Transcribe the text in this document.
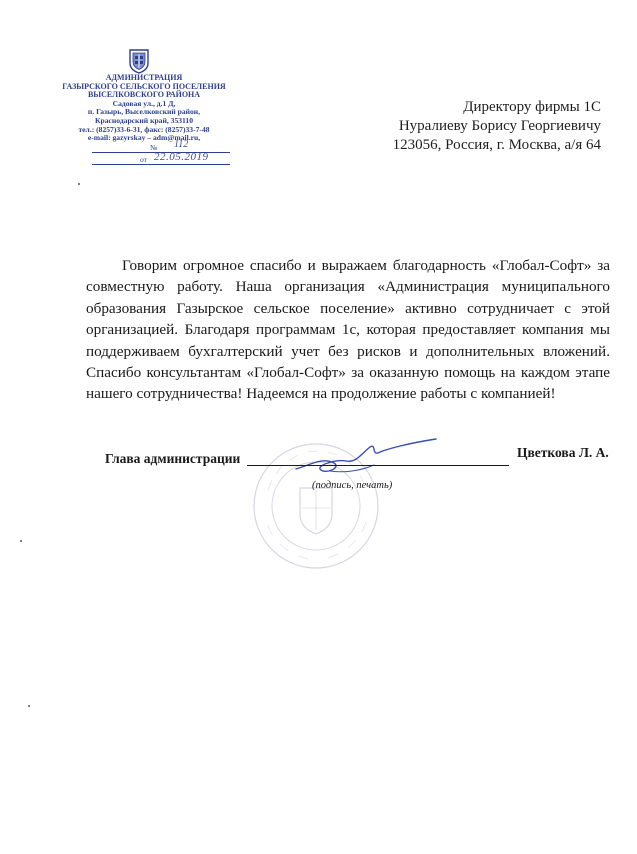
АДМИНИСТРАЦИЯ
ГАЗЫРСКОГО СЕЛЬСКОГО ПОСЕЛЕНИЯ
ВЫСЕЛКОВСКОГО РАЙОНА
Садовая ул., д.1 Д,
п. Газырь, Выселковский район,
Краснодарский край, 353110
тел.: (8257)33-6-31, факс: (8257)33-7-48
e-mail: gazyrskay – adm@mail.ru,
№ 112
от 22.05.2019
Директору фирмы 1С
Нуралиеву Борису Георгиевичу
123056, Россия, г. Москва, а/я 64

Говорим огромное спасибо и выражаем благодарность «Глобал-Софт» за совместную работу. Наша организация «Администрация муниципального образования Газырское сельское поселение» активно сотрудничает с этой организацией. Благодаря программам 1с, которая предоставляет компания мы поддерживаем бухгалтерский учет без рисков и дополнительных вложений. Спасибо консультантам «Глобал-Софт» за оказанную помощь на каждом этапе нашего сотрудничества! Надеемся на продолжение работы с компанией!

Глава администрации	Цветкова Л. А.
(подпись, печать)
